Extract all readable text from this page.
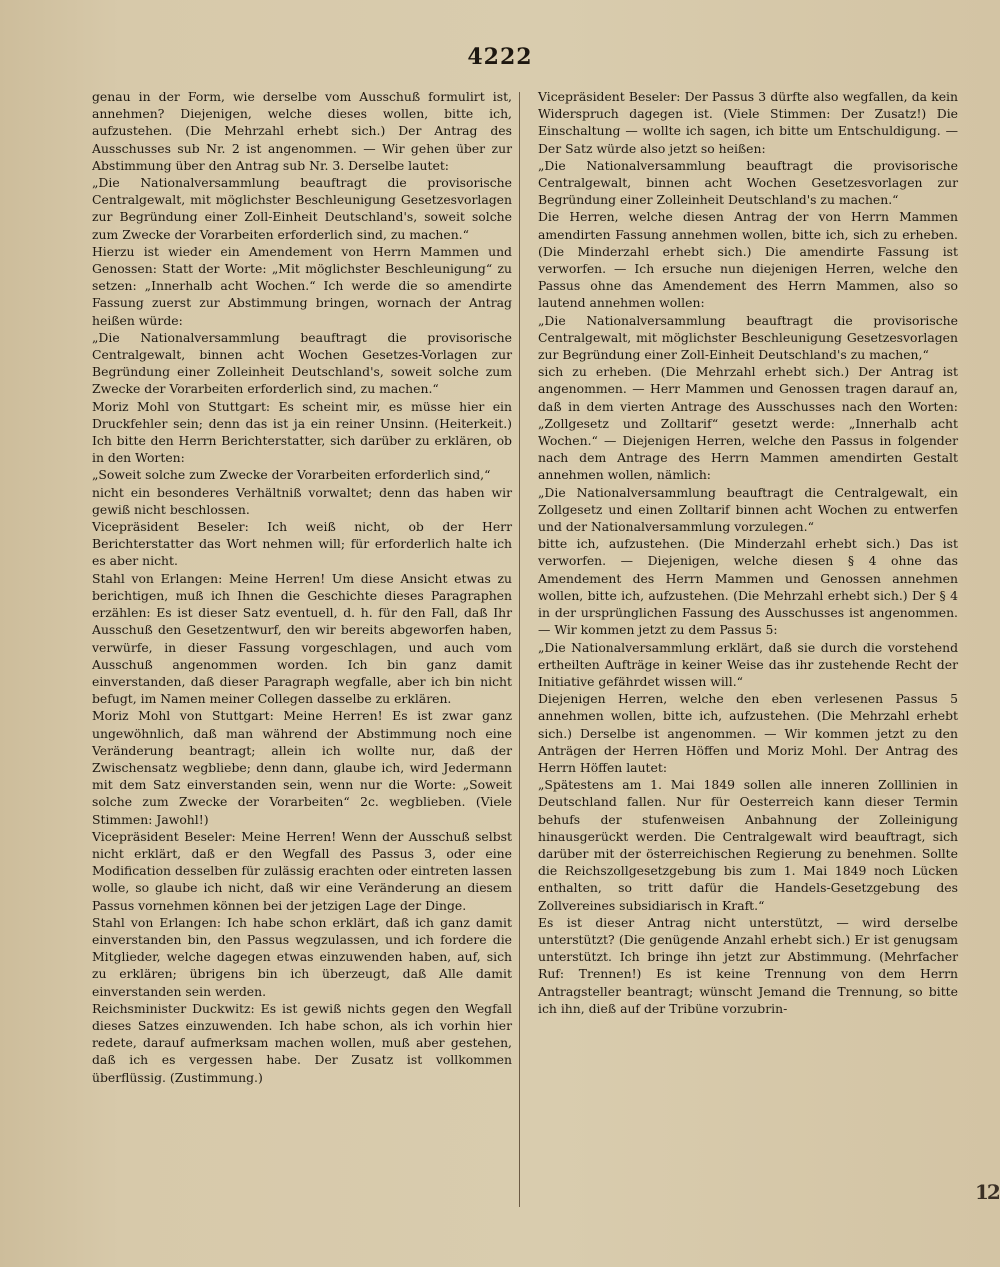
4222
genau in der Form, wie derselbe vom Ausschuß formulirt ist, annehmen? Diejenigen, welche dieses wollen, bitte ich, aufzustehen. (Die Mehrzahl erhebt sich.) Der Antrag des Ausschusses sub Nr. 2 ist angenommen. — Wir gehen über zur Abstimmung über den Antrag sub Nr. 3. Derselbe lautet:
„Die Nationalversammlung beauftragt die provisorische Centralgewalt, mit möglichster Beschleunigung Gesetzesvorlagen zur Begründung einer Zoll-Einheit Deutschland's, soweit solche zum Zwecke der Vorarbeiten erforderlich sind, zu machen.“
Hierzu ist wieder ein Amendement von Herrn Mammen und Genossen: Statt der Worte: „Mit möglichster Beschleunigung“ zu setzen: „Innerhalb acht Wochen.“ Ich werde die so amendirte Fassung zuerst zur Abstimmung bringen, wornach der Antrag heißen würde:
„Die Nationalversammlung beauftragt die provisorische Centralgewalt, binnen acht Wochen Gesetzes-Vorlagen zur Begründung einer Zolleinheit Deutschland's, soweit solche zum Zwecke der Vorarbeiten erforderlich sind, zu machen.“
Moriz Mohl von Stuttgart: Es scheint mir, es müsse hier ein Druckfehler sein; denn das ist ja ein reiner Unsinn. (Heiterkeit.) Ich bitte den Herrn Berichterstatter, sich darüber zu erklären, ob in den Worten:
„Soweit solche zum Zwecke der Vorarbeiten erforderlich sind,“
nicht ein besonderes Verhältniß vorwaltet; denn das haben wir gewiß nicht beschlossen.
Vicepräsident Beseler: Ich weiß nicht, ob der Herr Berichterstatter das Wort nehmen will; für erforderlich halte ich es aber nicht.
Stahl von Erlangen: Meine Herren! Um diese Ansicht etwas zu berichtigen, muß ich Ihnen die Geschichte dieses Paragraphen erzählen: Es ist dieser Satz eventuell, d. h. für den Fall, daß Ihr Ausschuß den Gesetzentwurf, den wir bereits abgeworfen haben, verwürfe, in dieser Fassung vorgeschlagen, und auch vom Ausschuß angenommen worden. Ich bin ganz damit einverstanden, daß dieser Paragraph wegfalle, aber ich bin nicht befugt, im Namen meiner Collegen dasselbe zu erklären.
Moriz Mohl von Stuttgart: Meine Herren! Es ist zwar ganz ungewöhnlich, daß man während der Abstimmung noch eine Veränderung beantragt; allein ich wollte nur, daß der Zwischensatz wegbliebe; denn dann, glaube ich, wird Jedermann mit dem Satz einverstanden sein, wenn nur die Worte: „Soweit solche zum Zwecke der Vorarbeiten“ 2c. wegblieben. (Viele Stimmen: Jawohl!)
Vicepräsident Beseler: Meine Herren! Wenn der Ausschuß selbst nicht erklärt, daß er den Wegfall des Passus 3, oder eine Modification desselben für zulässig erachten oder eintreten lassen wolle, so glaube ich nicht, daß wir eine Veränderung an diesem Passus vornehmen können bei der jetzigen Lage der Dinge.
Stahl von Erlangen: Ich habe schon erklärt, daß ich ganz damit einverstanden bin, den Passus wegzulassen, und ich fordere die Mitglieder, welche dagegen etwas einzuwenden haben, auf, sich zu erklären; übrigens bin ich überzeugt, daß Alle damit einverstanden sein werden.
Reichsminister Duckwitz: Es ist gewiß nichts gegen den Wegfall dieses Satzes einzuwenden. Ich habe schon, als ich vorhin hier redete, darauf aufmerksam machen wollen, muß aber gestehen, daß ich es vergessen habe. Der Zusatz ist vollkommen überflüssig. (Zustimmung.)
Vicepräsident Beseler: Der Passus 3 dürfte also wegfallen, da kein Widerspruch dagegen ist. (Viele Stimmen: Der Zusatz!) Die Einschaltung — wollte ich sagen, ich bitte um Entschuldigung. — Der Satz würde also jetzt so heißen:
„Die Nationalversammlung beauftragt die provisorische Centralgewalt, binnen acht Wochen Gesetzesvorlagen zur Begründung einer Zolleinheit Deutschland's zu machen.“
Die Herren, welche diesen Antrag der von Herrn Mammen amendirten Fassung annehmen wollen, bitte ich, sich zu erheben. (Die Minderzahl erhebt sich.) Die amendirte Fassung ist verworfen. — Ich ersuche nun diejenigen Herren, welche den Passus ohne das Amendement des Herrn Mammen, also so lautend annehmen wollen:
„Die Nationalversammlung beauftragt die provisorische Centralgewalt, mit möglichster Beschleunigung Gesetzesvorlagen zur Begründung einer Zoll-Einheit Deutschland's zu machen,“
sich zu erheben. (Die Mehrzahl erhebt sich.) Der Antrag ist angenommen. — Herr Mammen und Genossen tragen darauf an, daß in dem vierten Antrage des Ausschusses nach den Worten: „Zollgesetz und Zolltarif“ gesetzt werde: „Innerhalb acht Wochen.“ — Diejenigen Herren, welche den Passus in folgender nach dem Antrage des Herrn Mammen amendirten Gestalt annehmen wollen, nämlich:
„Die Nationalversammlung beauftragt die Centralgewalt, ein Zollgesetz und einen Zolltarif binnen acht Wochen zu entwerfen und der Nationalversammlung vorzulegen.“
bitte ich, aufzustehen. (Die Minderzahl erhebt sich.) Das ist verworfen. — Diejenigen, welche diesen § 4 ohne das Amendement des Herrn Mammen und Genossen annehmen wollen, bitte ich, aufzustehen. (Die Mehrzahl erhebt sich.) Der § 4 in der ursprünglichen Fassung des Ausschusses ist angenommen. — Wir kommen jetzt zu dem Passus 5:
„Die Nationalversammlung erklärt, daß sie durch die vorstehend ertheilten Aufträge in keiner Weise das ihr zustehende Recht der Initiative gefährdet wissen will.“
Diejenigen Herren, welche den eben verlesenen Passus 5 annehmen wollen, bitte ich, aufzustehen. (Die Mehrzahl erhebt sich.) Derselbe ist angenommen. — Wir kommen jetzt zu den Anträgen der Herren Höffen und Moriz Mohl. Der Antrag des Herrn Höffen lautet:
„Spätestens am 1. Mai 1849 sollen alle inneren Zolllinien in Deutschland fallen. Nur für Oesterreich kann dieser Termin behufs der stufenweisen Anbahnung der Zolleinigung hinausgerückt werden. Die Centralgewalt wird beauftragt, sich darüber mit der österreichischen Regierung zu benehmen. Sollte die Reichszollgesetzgebung bis zum 1. Mai 1849 noch Lücken enthalten, so tritt dafür die Handels-Gesetzgebung des Zollvereines subsidiarisch in Kraft.“
Es ist dieser Antrag nicht unterstützt, — wird derselbe unterstützt? (Die genügende Anzahl erhebt sich.) Er ist genugsam unterstützt. Ich bringe ihn jetzt zur Abstimmung. (Mehrfacher Ruf: Trennen!) Es ist keine Trennung von dem Herrn Antragsteller beantragt; wünscht Jemand die Trennung, so bitte ich ihn, dieß auf der Tribüne vorzubrin-
12
